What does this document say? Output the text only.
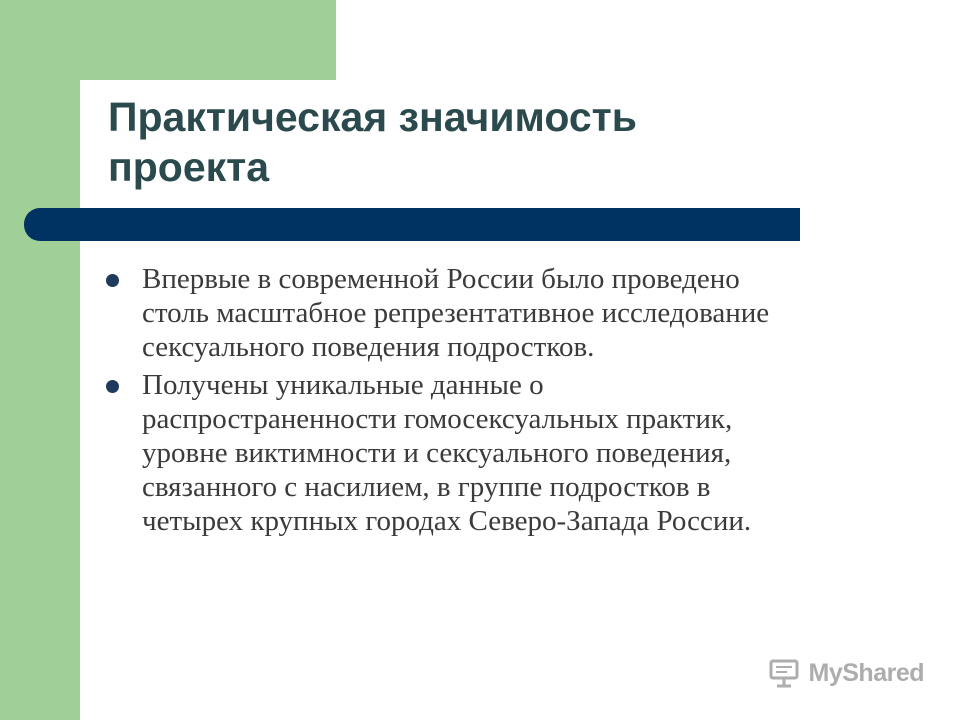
Практическая значимость
проекта
Впервые в современной России было проведено
столь масштабное репрезентативное исследование
сексуального поведения подростков.
Получены уникальные данные о
распространенности гомосексуальных практик,
уровне виктимности и сексуального поведения,
связанного с насилием, в группе подростков в
четырех крупных городах Северо-Запада России.
MyShared
